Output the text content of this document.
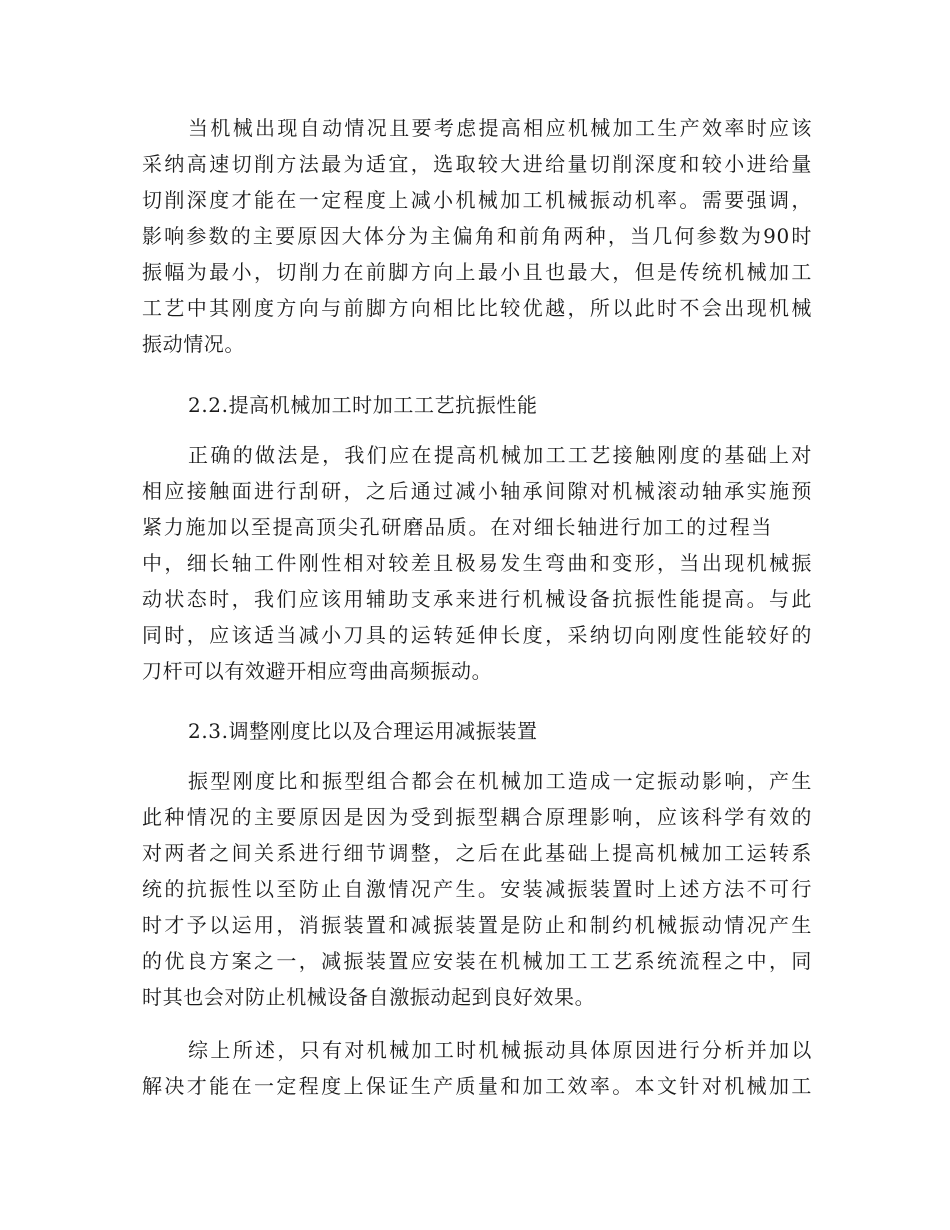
当机械出现自动情况且要考虑提高相应机械加工生产效率时应该
采纳高速切削方法最为适宜，选取较大进给量切削深度和较小进给量
切削深度才能在一定程度上减小机械加工机械振动机率。需要强调，
影响参数的主要原因大体分为主偏角和前角两种，当几何参数为90时
振幅为最小，切削力在前脚方向上最小且也最大，但是传统机械加工
工艺中其刚度方向与前脚方向相比比较优越，所以此时不会出现机械
振动情况。
2.2.提高机械加工时加工工艺抗振性能
正确的做法是，我们应在提高机械加工工艺接触刚度的基础上对
相应接触面进行刮研，之后通过减小轴承间隙对机械滚动轴承实施预
紧力施加以至提高顶尖孔研磨品质。在对细长轴进行加工的过程当
中，细长轴工件刚性相对较差且极易发生弯曲和变形，当出现机械振
动状态时，我们应该用辅助支承来进行机械设备抗振性能提高。与此
同时，应该适当减小刀具的运转延伸长度，采纳切向刚度性能较好的
刀杆可以有效避开相应弯曲高频振动。
2.3.调整刚度比以及合理运用减振装置
振型刚度比和振型组合都会在机械加工造成一定振动影响，产生
此种情况的主要原因是因为受到振型耦合原理影响，应该科学有效的
对两者之间关系进行细节调整，之后在此基础上提高机械加工运转系
统的抗振性以至防止自激情况产生。安装减振装置时上述方法不可行
时才予以运用，消振装置和减振装置是防止和制约机械振动情况产生
的优良方案之一，减振装置应安装在机械加工工艺系统流程之中，同
时其也会对防止机械设备自激振动起到良好效果。
综上所述，只有对机械加工时机械振动具体原因进行分析并加以
解决才能在一定程度上保证生产质量和加工效率。本文针对机械加工
